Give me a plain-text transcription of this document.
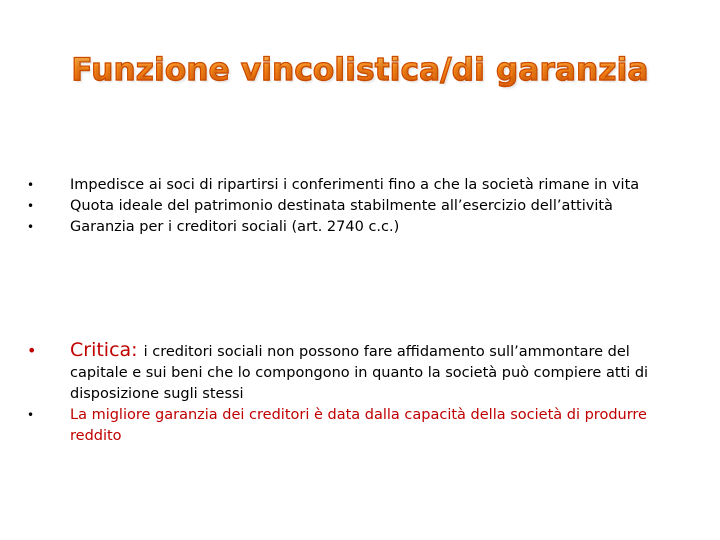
Funzione vincolistica/di garanzia
• Impedisce ai soci di ripartirsi i conferimenti fino a che la società rimane in vita
• Quota ideale del patrimonio destinata stabilmente all’esercizio dell’attività
• Garanzia per i creditori sociali (art. 2740 c.c.)
• Critica: i creditori sociali non possono fare affidamento sull’ammontare del capitale e sui beni che lo compongono in quanto la società può compiere atti di disposizione sugli stessi
• La migliore garanzia dei creditori è data dalla capacità della società di produrre reddito
